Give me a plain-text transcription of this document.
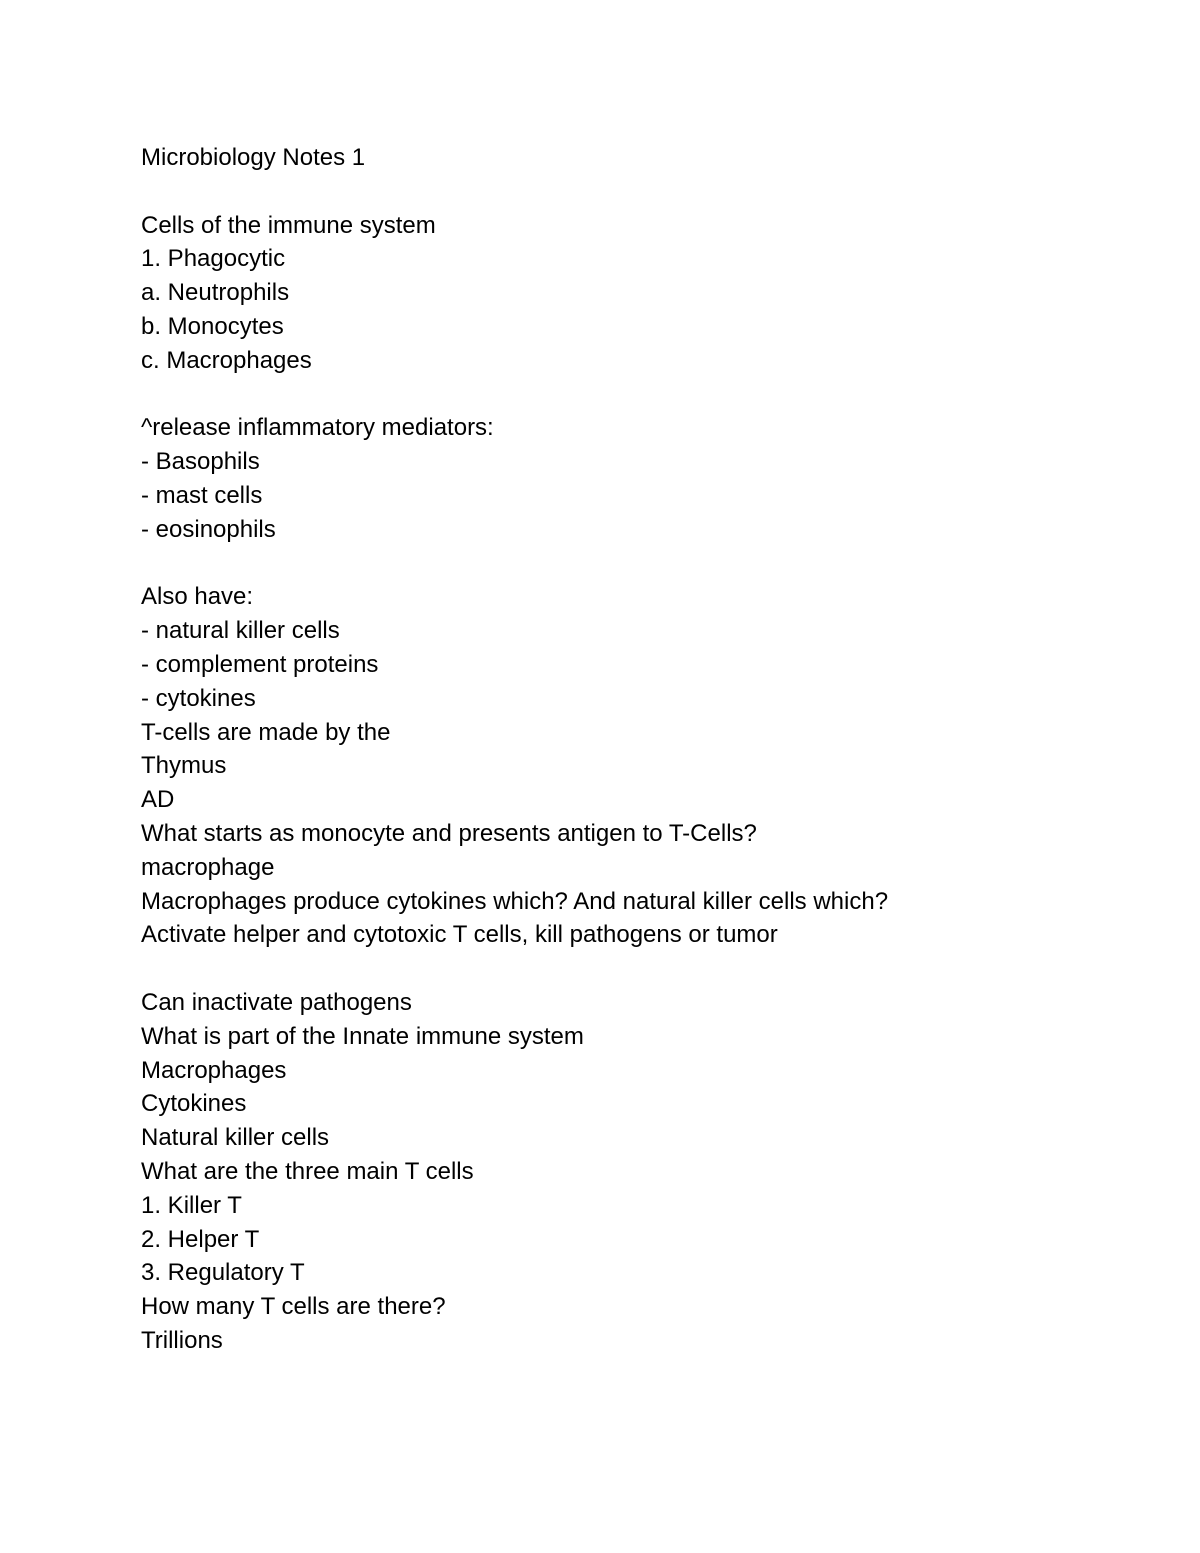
Microbiology Notes 1
Cells of the immune system
1. Phagocytic
a. Neutrophils
b. Monocytes
c. Macrophages
^release inflammatory mediators:
- Basophils
- mast cells
- eosinophils
Also have:
- natural killer cells
- complement proteins
- cytokines
T-cells are made by the
Thymus
AD
What starts as monocyte and presents antigen to T-Cells?
macrophage
Macrophages produce cytokines which? And natural killer cells which?
Activate helper and cytotoxic T cells, kill pathogens or tumor
Can inactivate pathogens
What is part of the Innate immune system
Macrophages
Cytokines
Natural killer cells
What are the three main T cells
1. Killer T
2. Helper T
3. Regulatory T
How many T cells are there?
Trillions
